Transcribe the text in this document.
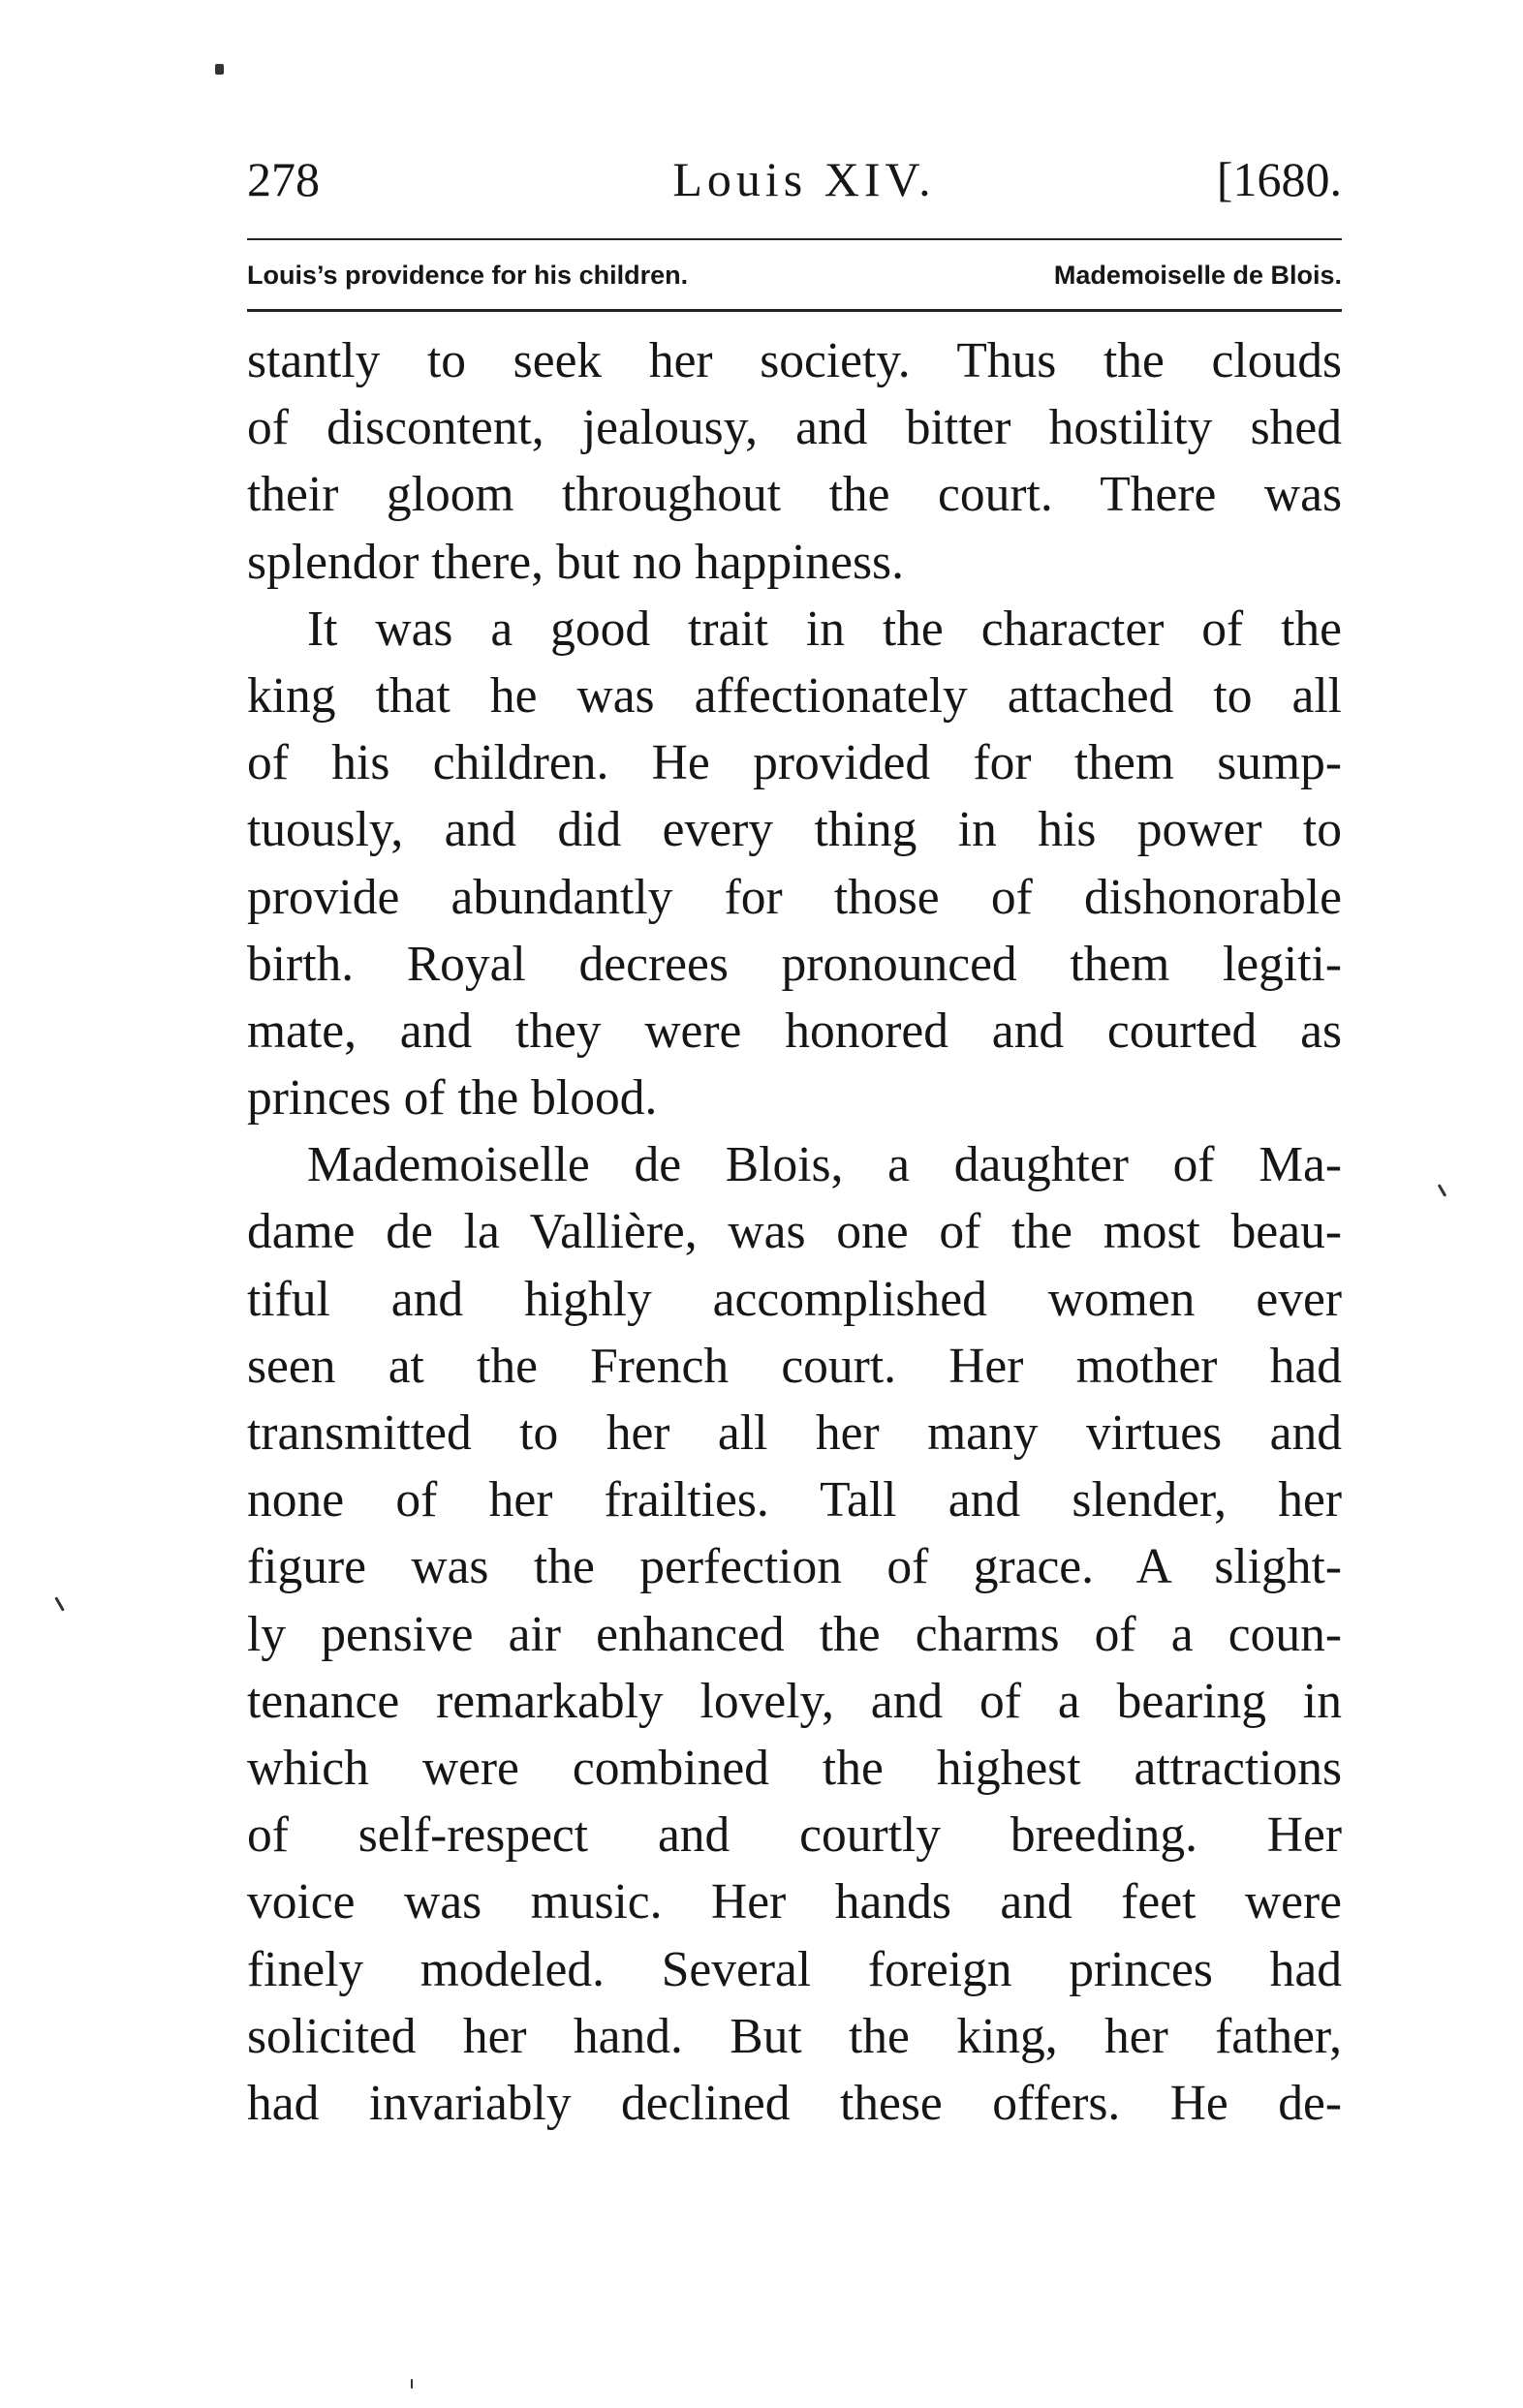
278	Louis XIV.	[1680.
Louis’s providence for his children.	Mademoiselle de Blois.
stantly to seek her society. Thus the clouds
of discontent, jealousy, and bitter hostility shed
their gloom throughout the court. There was
splendor there, but no happiness.
It was a good trait in the character of the
king that he was affectionately attached to all
of his children. He provided for them sump-
tuously, and did every thing in his power to
provide abundantly for those of dishonorable
birth. Royal decrees pronounced them legiti-
mate, and they were honored and courted as
princes of the blood.
Mademoiselle de Blois, a daughter of Ma-
dame de la Vallière, was one of the most beau-
tiful and highly accomplished women ever
seen at the French court. Her mother had
transmitted to her all her many virtues and
none of her frailties. Tall and slender, her
figure was the perfection of grace. A slight-
ly pensive air enhanced the charms of a coun-
tenance remarkably lovely, and of a bearing in
which were combined the highest attractions
of self-respect and courtly breeding. Her
voice was music. Her hands and feet were
finely modeled. Several foreign princes had
solicited her hand. But the king, her father,
had invariably declined these offers. He de-
